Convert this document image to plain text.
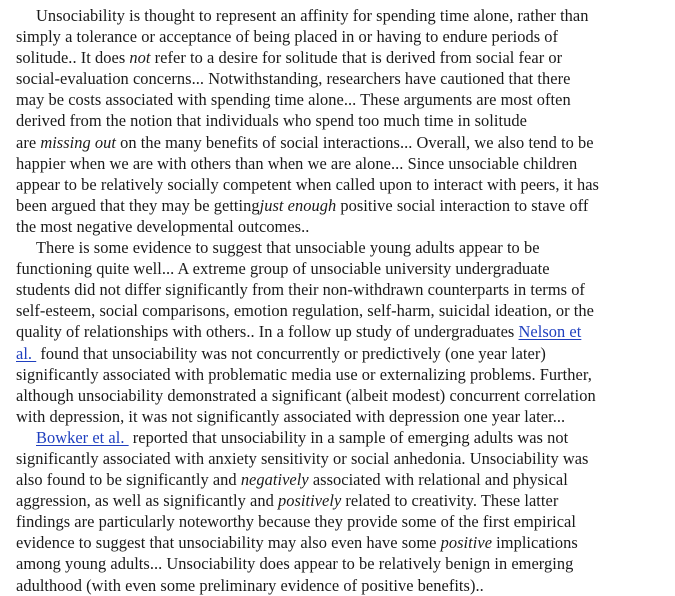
Unsociability is thought to represent an affinity for spending time alone, rather than
simply a tolerance or acceptance of being placed in or having to endure periods of
solitude.. It does not refer to a desire for solitude that is derived from social fear or
social-evaluation concerns... Notwithstanding, researchers have cautioned that there
may be costs associated with spending time alone... These arguments are most often
derived from the notion that individuals who spend too much time in solitude
are missing out on the many benefits of social interactions... Overall, we also tend to be
happier when we are with others than when we are alone... Since unsociable children
appear to be relatively socially competent when called upon to interact with peers, it has
been argued that they may be gettingjust enough positive social interaction to stave off
the most negative developmental outcomes..
There is some evidence to suggest that unsociable young adults appear to be
functioning quite well... A extreme group of unsociable university undergraduate
students did not differ significantly from their non-withdrawn counterparts in terms of
self-esteem, social comparisons, emotion regulation, self-harm, suicidal ideation, or the
quality of relationships with others.. In a follow up study of undergraduates Nelson et
al.  found that unsociability was not concurrently or predictively (one year later)
significantly associated with problematic media use or externalizing problems. Further,
although unsociability demonstrated a significant (albeit modest) concurrent correlation
with depression, it was not significantly associated with depression one year later...
Bowker et al.  reported that unsociability in a sample of emerging adults was not
significantly associated with anxiety sensitivity or social anhedonia. Unsociability was
also found to be significantly and negatively associated with relational and physical
aggression, as well as significantly and positively related to creativity. These latter
findings are particularly noteworthy because they provide some of the first empirical
evidence to suggest that unsociability may also even have some positive implications
among young adults... Unsociability does appear to be relatively benign in emerging
adulthood (with even some preliminary evidence of positive benefits)..
